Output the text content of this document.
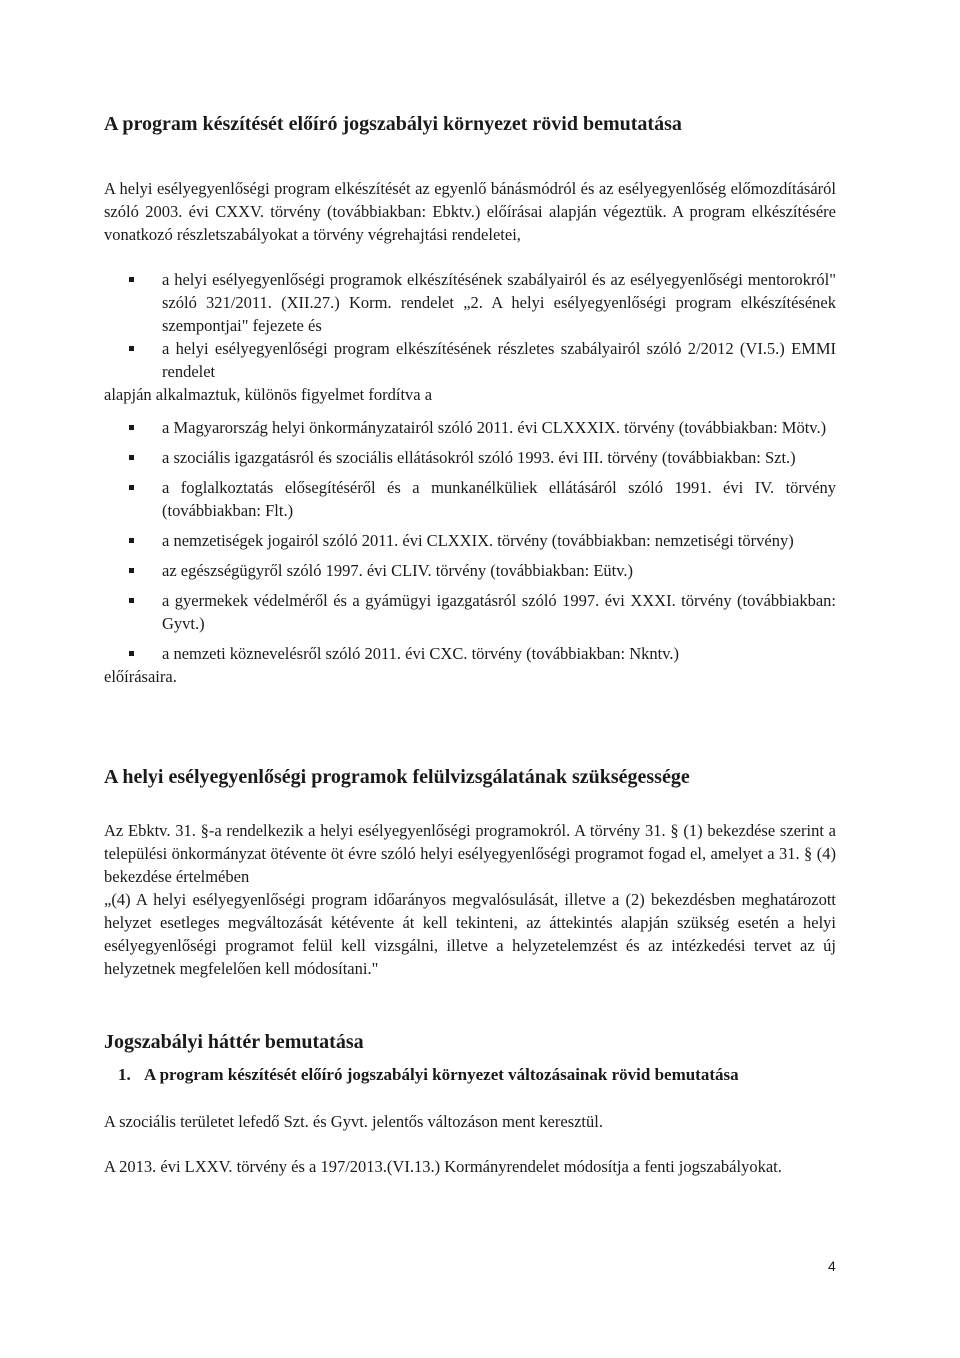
A program készítését előíró jogszabályi környezet rövid bemutatása

A helyi esélyegyenlőségi program elkészítését az egyenlő bánásmódról és az esélyegyenlőség előmozdításáról szóló 2003. évi CXXV. törvény (továbbiakban: Ebktv.) előírásai alapján végeztük. A program elkészítésére vonatkozó részletszabályokat a törvény végrehajtási rendeletei,

a helyi esélyegyenlőségi programok elkészítésének szabályairól és az esélyegyenlőségi mentorokról" szóló 321/2011. (XII.27.) Korm. rendelet „2. A helyi esélyegyenlőségi program elkészítésének szempontjai" fejezete és
a helyi esélyegyenlőségi program elkészítésének részletes szabályairól szóló 2/2012 (VI.5.) EMMI rendelet

alapján alkalmaztuk, különös figyelmet fordítva a

a Magyarország helyi önkormányzatairól szóló 2011. évi CLXXXIX. törvény (továbbiakban: Mötv.)
a szociális igazgatásról és szociális ellátásokról szóló 1993. évi III. törvény (továbbiakban: Szt.)
a foglalkoztatás elősegítéséről és a munkanélküliek ellátásáról szóló 1991. évi IV. törvény (továbbiakban: Flt.)
a nemzetiségek jogairól szóló 2011. évi CLXXIX. törvény (továbbiakban: nemzetiségi törvény)
az egészségügyről szóló 1997. évi CLIV. törvény (továbbiakban: Eütv.)
a gyermekek védelméről és a gyámügyi igazgatásról szóló 1997. évi XXXI. törvény (továbbiakban: Gyvt.)
a nemzeti köznevelésről szóló 2011. évi CXC. törvény (továbbiakban: Nkntv.)

előírásaira.

A helyi esélyegyenlőségi programok felülvizsgálatának szükségessége

Az Ebktv. 31. §-a rendelkezik a helyi esélyegyenlőségi programokról. A törvény 31. § (1) bekezdése szerint a települési önkormányzat ötévente öt évre szóló helyi esélyegyenlőségi programot fogad el, amelyet a 31. § (4) bekezdése értelmében

„(4) A helyi esélyegyenlőségi program időarányos megvalósulását, illetve a (2) bekezdésben meghatározott helyzet esetleges megváltozását kétévente át kell tekinteni, az áttekintés alapján szükség esetén a helyi esélyegyenlőségi programot felül kell vizsgálni, illetve a helyzetelemzést és az intézkedési tervet az új helyzetnek megfelelően kell módosítani."

Jogszabályi háttér bemutatása
1. A program készítését előíró jogszabályi környezet változásainak rövid bemutatása

A szociális területet lefedő Szt. és Gyvt. jelentős változáson ment keresztül.

A 2013. évi LXXV. törvény és a 197/2013.(VI.13.) Kormányrendelet módosítja a fenti jogszabályokat.

4
